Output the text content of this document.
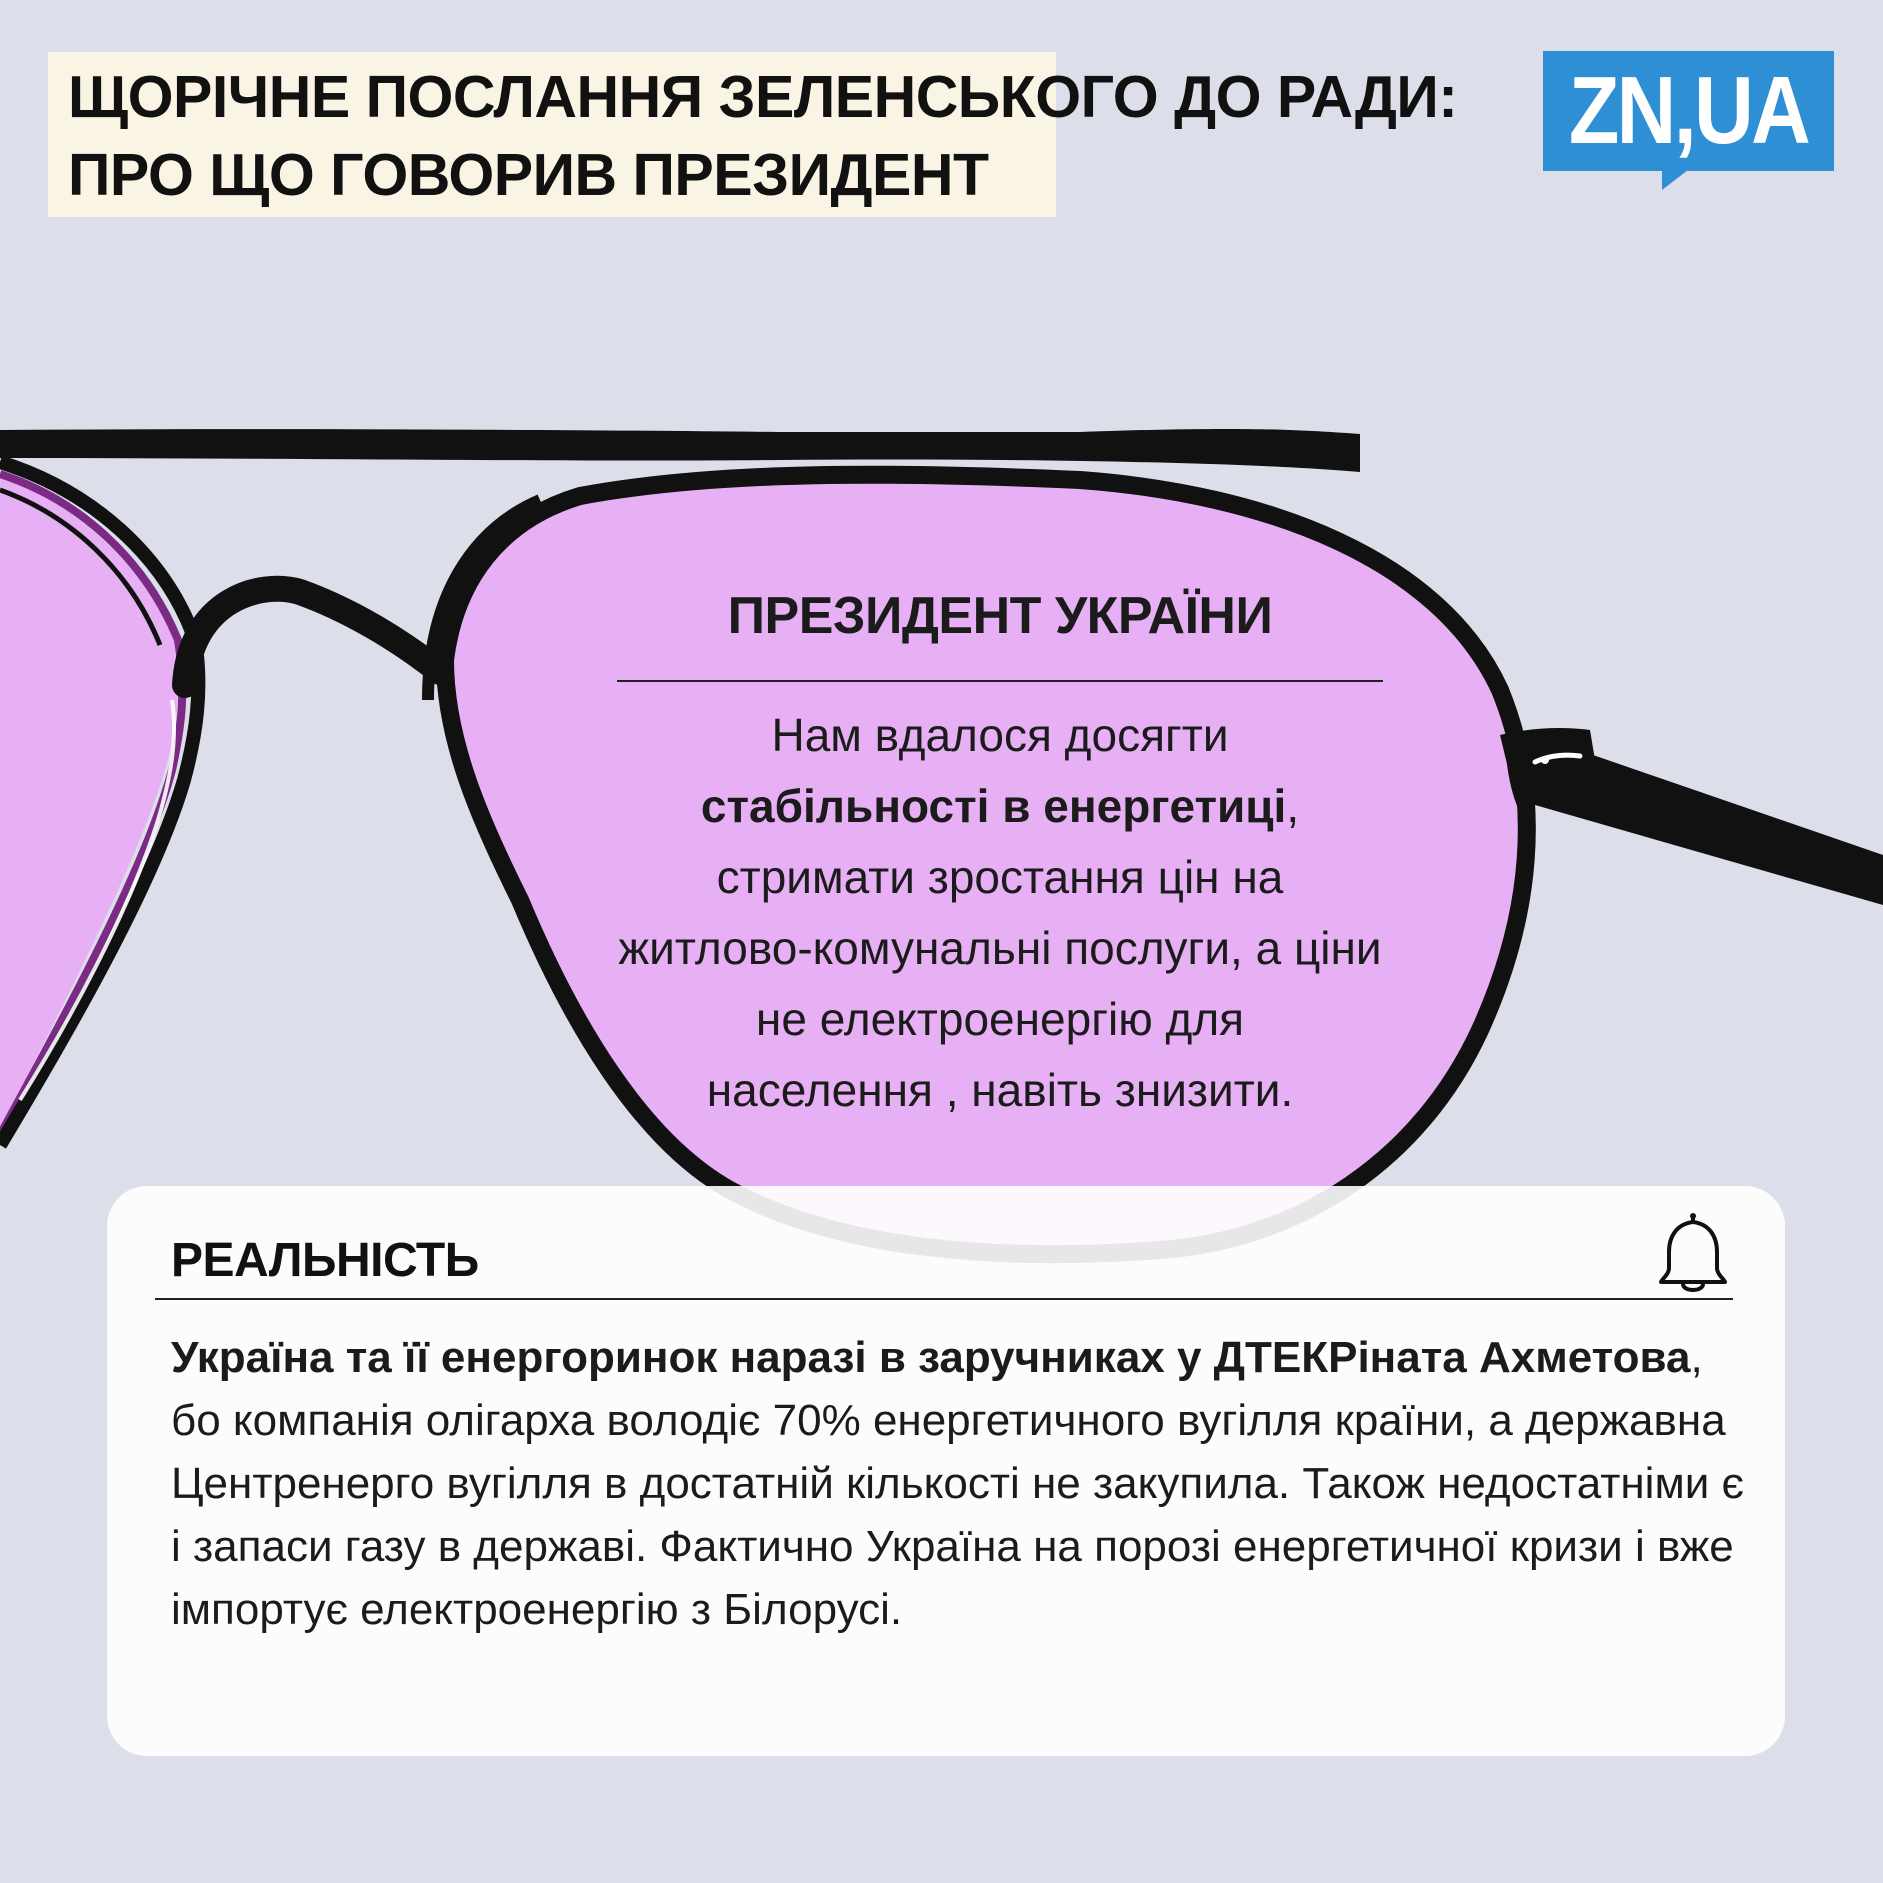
ЩОРІЧНЕ ПОСЛАННЯ ЗЕЛЕНСЬКОГО ДО РАДИ:
ПРО ЩО ГОВОРИВ ПРЕЗИДЕНТ
ZN,UA
ПРЕЗИДЕНТ УКРАЇНИ

Нам вдалося досягти
стабільності в енергетиці,
стримати зростання цін на
житлово-комунальні послуги, а ціни
не електроенергію для
населення , навіть знизити.

РЕАЛЬНІСТЬ

Україна та її енергоринок наразі в заручниках у ДТЕКРіната Ахметова, бо компанія олігарха володіє 70% енергетичного вугілля країни, а державна Центренерго вугілля в достатній кількості не закупила. Також недостатніми є і запаси газу в державі. Фактично Україна на порозі енергетичної кризи і вже імпортує електроенергію з Білорусі.
